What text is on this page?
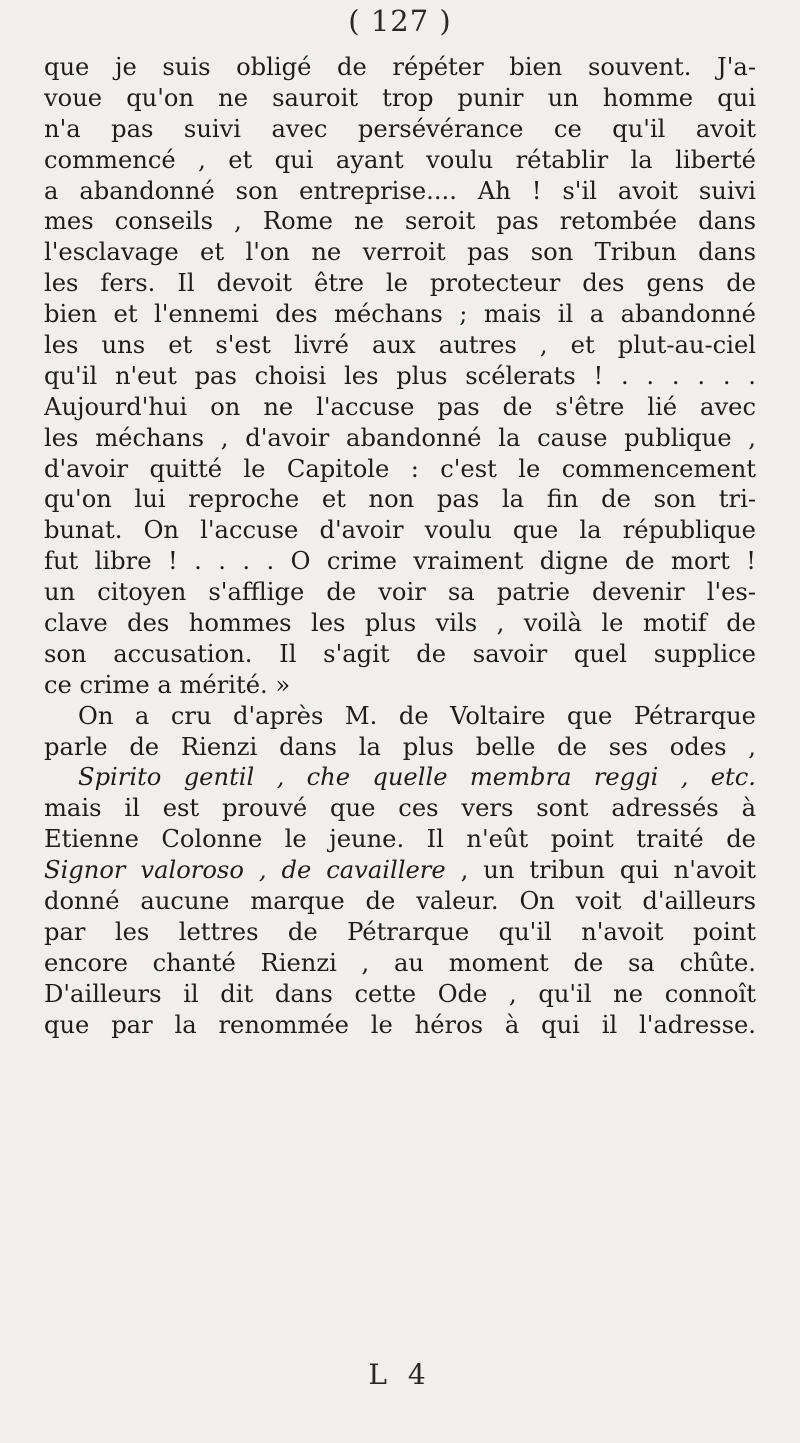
( 127 )
que je suis obligé de répéter bien souvent. J'a-
voue qu'on ne sauroit trop punir un homme qui
n'a pas suivi avec persévérance ce qu'il avoit
commencé , et qui ayant voulu rétablir la liberté
a abandonné son entreprise.... Ah ! s'il avoit suivi
mes conseils , Rome ne seroit pas retombée dans
l'esclavage et l'on ne verroit pas son Tribun dans
les fers. Il devoit être le protecteur des gens de
bien et l'ennemi des méchans ; mais il a abandonné
les uns et s'est livré aux autres , et plut-au-ciel
qu'il n'eut pas choisi les plus scélerats ! . . . . . .
Aujourd'hui on ne l'accuse pas de s'être lié avec
les méchans , d'avoir abandonné la cause publique ,
d'avoir quitté le Capitole : c'est le commencement
qu'on lui reproche et non pas la fin de son tri-
bunat. On l'accuse d'avoir voulu que la république
fut libre ! . . . . O crime vraiment digne de mort !
un citoyen s'afflige de voir sa patrie devenir l'es-
clave des hommes les plus vils , voilà le motif de
son accusation. Il s'agit de savoir quel supplice
ce crime a mérité. »
On a cru d'après M. de Voltaire que Pétrarque
parle de Rienzi dans la plus belle de ses odes ,
Spirito gentil , che quelle membra reggi , etc.
mais il est prouvé que ces vers sont adressés à
Etienne Colonne le jeune. Il n'eût point traité de
Signor valoroso , de cavaillere , un tribun qui n'avoit
donné aucune marque de valeur. On voit d'ailleurs
par les lettres de Pétrarque qu'il n'avoit point
encore chanté Rienzi , au moment de sa chûte.
D'ailleurs il dit dans cette Ode , qu'il ne connoît
que par la renommée le héros à qui il l'adresse.
L 4
